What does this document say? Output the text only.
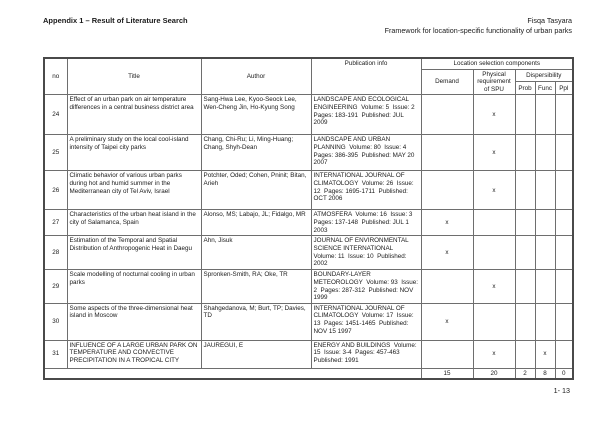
Appendix 1 – Result of Literature Search	Fisqa Tasyara
Framework for location-specific functionality of urban parks
no	Title	Author	Publication info	Location selection components				
				Demand	Physical requirement of SPU	Dispersibility		
						Prob	Func	Ppl
24	Effect of an urban park on air temperature differences in a central business district area	Sang-Hwa Lee, Kyoo-Seock Lee, Wen-Cheng Jin, Ho-Kyung Song	LANDSCAPE AND ECOLOGICAL ENGINEERING  Volume: 5  Issue: 2  Pages: 183-191  Published: JUL 2009		x			
25	A preliminary study on the local cool-island intensity of Taipei city parks	Chang, Chi-Ru; Li, Ming-Huang; Chang, Shyh-Dean	LANDSCAPE AND URBAN PLANNING  Volume: 80  Issue: 4  Pages: 386-395  Published: MAY 20 2007		x			
26	Climatic behavior of various urban parks during hot and humid summer in the Mediterranean city of Tel Aviv, Israel	Potchter, Oded; Cohen, Pninit; Bitan, Arieh	INTERNATIONAL JOURNAL OF CLIMATOLOGY  Volume: 26  Issue: 12  Pages: 1695-1711  Published: OCT 2006		x			
27	Characteristics of the urban heat island in the city of Salamanca, Spain	Alonso, MS; Labajo, JL; Fidalgo, MR	ATMOSFERA  Volume: 16  Issue: 3  Pages: 137-148  Published: JUL 1 2003	x				
28	Estimation of the Temporal and Spatial Distribution of Anthropogenic Heat in Daegu	Ahn, Jisuk	JOURNAL OF ENVIRONMENTAL SCIENCE INTERNATIONAL  Volume: 11  Issue: 10  Published: 2002	x				
29	Scale modelling of nocturnal cooling in urban parks	Spronken-Smith, RA; Oke, TR	BOUNDARY-LAYER METEOROLOGY  Volume: 93  Issue: 2  Pages: 287-312  Published: NOV 1999		x			
30	Some aspects of the three-dimensional heat island in Moscow	Shahgedanova, M; Burt, TP; Davies, TD	INTERNATIONAL JOURNAL OF CLIMATOLOGY  Volume: 17  Issue: 13  Pages: 1451-1465  Published: NOV 15 1997	x				
31	INFLUENCE OF A LARGE URBAN PARK ON TEMPERATURE AND CONVECTIVE PRECIPITATION IN A TROPICAL CITY	JAUREGUI, E	ENERGY AND BUILDINGS  Volume: 15  Issue: 3-4  Pages: 457-463  Published: 1991		x		x	
				15	20	2	8	0
1- 13
